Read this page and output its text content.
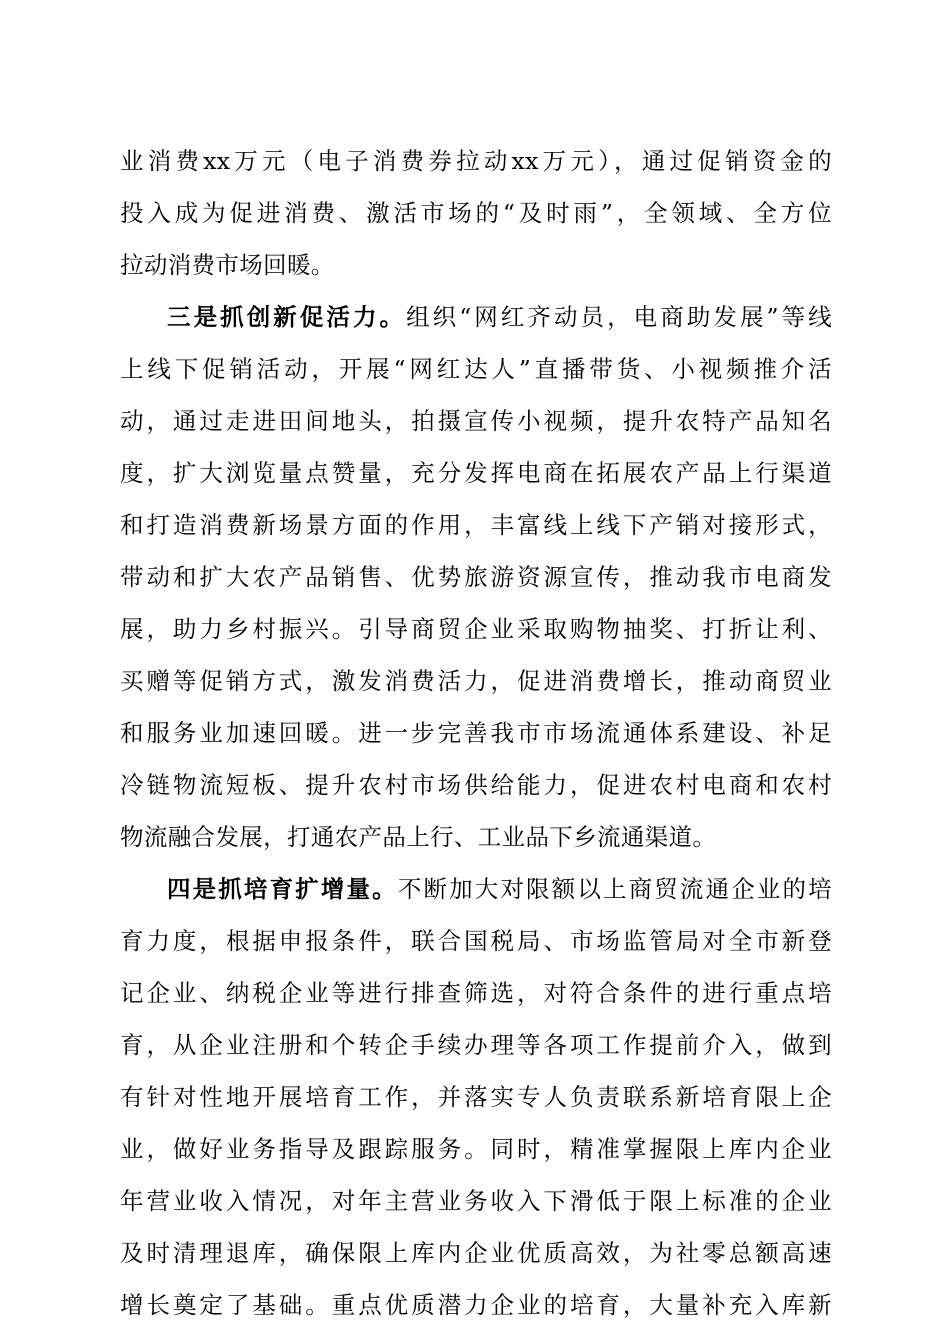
业消费xx万元（电子消费券拉动xx万元），通过促销资金的
投入成为促进消费、激活市场的“及时雨”，全领域、全方位
拉动消费市场回暖。
三是抓创新促活力。组织“网红齐动员，电商助发展”等线
上线下促销活动，开展“网红达人”直播带货、小视频推介活
动，通过走进田间地头，拍摄宣传小视频，提升农特产品知名
度，扩大浏览量点赞量，充分发挥电商在拓展农产品上行渠道
和打造消费新场景方面的作用，丰富线上线下产销对接形式，
带动和扩大农产品销售、优势旅游资源宣传，推动我市电商发
展，助力乡村振兴。引导商贸企业采取购物抽奖、打折让利、
买赠等促销方式，激发消费活力，促进消费增长，推动商贸业
和服务业加速回暖。进一步完善我市市场流通体系建设、补足
冷链物流短板、提升农村市场供给能力，促进农村电商和农村
物流融合发展，打通农产品上行、工业品下乡流通渠道。
四是抓培育扩增量。不断加大对限额以上商贸流通企业的培
育力度，根据申报条件，联合国税局、市场监管局对全市新登
记企业、纳税企业等进行排查筛选，对符合条件的进行重点培
育，从企业注册和个转企手续办理等各项工作提前介入，做到
有针对性地开展培育工作，并落实专人负责联系新培育限上企
业，做好业务指导及跟踪服务。同时，精准掌握限上库内企业
年营业收入情况，对年主营业务收入下滑低于限上标准的企业
及时清理退库，确保限上库内企业优质高效，为社零总额高速
增长奠定了基础。重点优质潜力企业的培育，大量补充入库新
